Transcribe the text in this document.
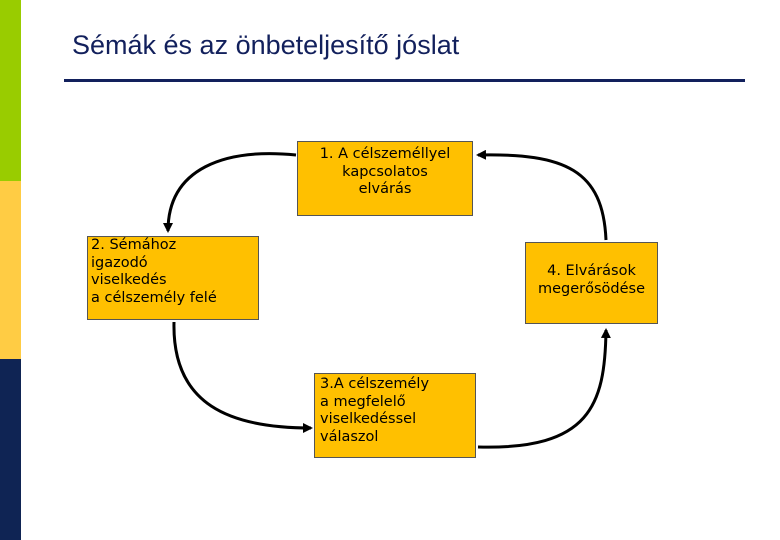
Sémák és az önbeteljesítő jóslat
1. A célszeméllyel
kapcsolatos
elvárás
2. Sémához
igazodó
viselkedés
a célszemély felé
4. Elvárások
megerősödése
3.A célszemély
a megfelelő
viselkedéssel
válaszol
